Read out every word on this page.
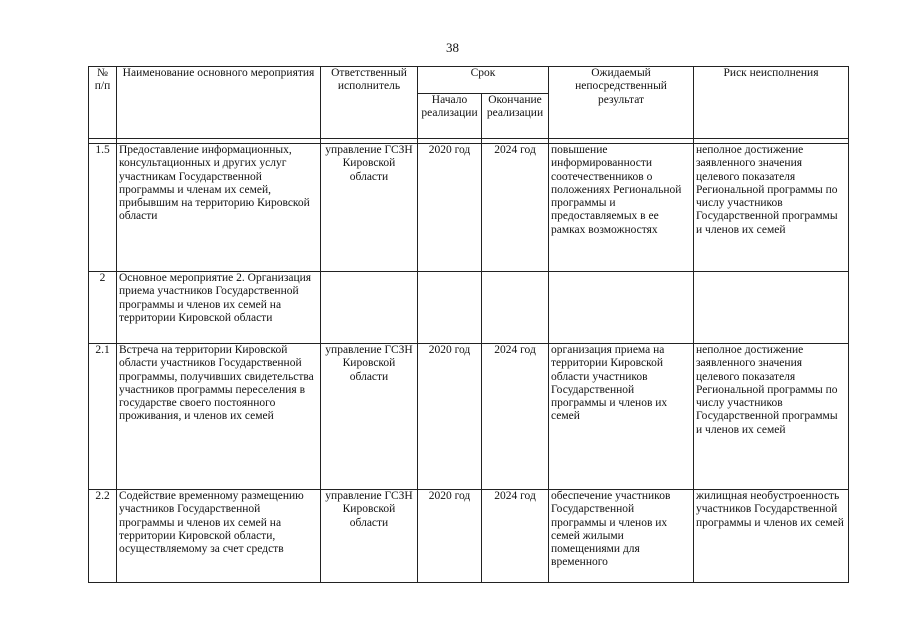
38
№ п/п	Наименование основного мероприятия	Ответственный исполнитель	Срок		Ожидаемый непосредственный результат	Риск неисполнения
			Начало реализации	Окончание реализации		

1.5	Предоставление информационных, консультационных и других услуг участникам Государственной программы и членам их семей, прибывшим на территорию Кировской области	управление ГСЗН Кировской области	2020 год	2024 год	повышение информированности соотечественников о положениях Региональной программы и предоставляемых в ее рамках возможностях	неполное достижение заявленного значения целевого показателя Региональной программы по числу участников Государственной программы и членов их семей
2	Основное мероприятие 2. Организация приема участников Государственной программы и членов их семей на территории Кировской области					
2.1	Встреча на территории Кировской области участников Государственной программы, получивших свидетельства участников программы переселения в государстве своего постоянного проживания, и членов их семей	управление ГСЗН Кировской области	2020 год	2024 год	организация приема на территории Кировской области участников Государственной программы и членов их семей	неполное достижение заявленного значения целевого показателя Региональной программы по числу участников Государственной программы и членов их семей
2.2	Содействие временному размещению участников Государственной программы и членов их семей на территории Кировской области, осуществляемому за счет средств	управление ГСЗН Кировской области	2020 год	2024 год	обеспечение участников Государственной программы и членов их семей жилыми помещениями для временного	жилищная необустроенность участников Государственной программы и членов их семей
